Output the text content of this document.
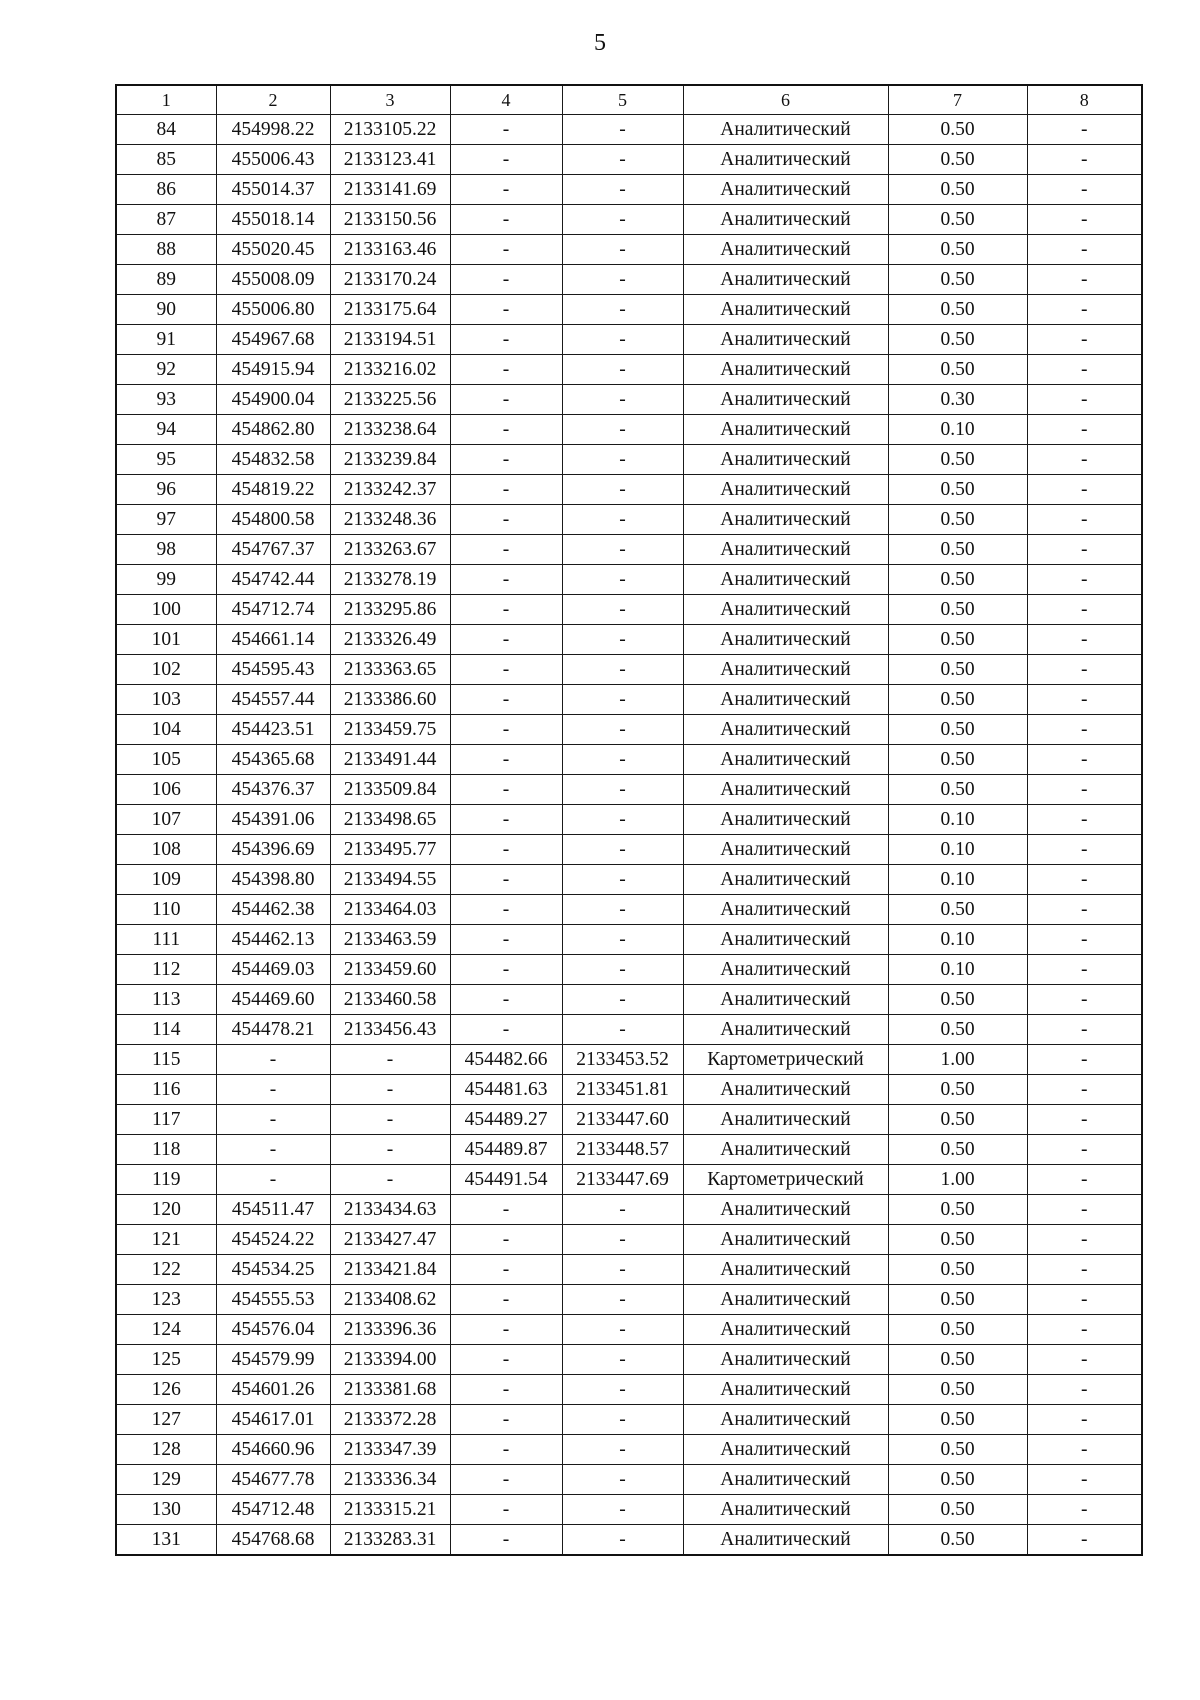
5
1	2	3	4	5	6	7	8
84	454998.22	2133105.22	-	-	Аналитический	0.50	-
85	455006.43	2133123.41	-	-	Аналитический	0.50	-
86	455014.37	2133141.69	-	-	Аналитический	0.50	-
87	455018.14	2133150.56	-	-	Аналитический	0.50	-
88	455020.45	2133163.46	-	-	Аналитический	0.50	-
89	455008.09	2133170.24	-	-	Аналитический	0.50	-
90	455006.80	2133175.64	-	-	Аналитический	0.50	-
91	454967.68	2133194.51	-	-	Аналитический	0.50	-
92	454915.94	2133216.02	-	-	Аналитический	0.50	-
93	454900.04	2133225.56	-	-	Аналитический	0.30	-
94	454862.80	2133238.64	-	-	Аналитический	0.10	-
95	454832.58	2133239.84	-	-	Аналитический	0.50	-
96	454819.22	2133242.37	-	-	Аналитический	0.50	-
97	454800.58	2133248.36	-	-	Аналитический	0.50	-
98	454767.37	2133263.67	-	-	Аналитический	0.50	-
99	454742.44	2133278.19	-	-	Аналитический	0.50	-
100	454712.74	2133295.86	-	-	Аналитический	0.50	-
101	454661.14	2133326.49	-	-	Аналитический	0.50	-
102	454595.43	2133363.65	-	-	Аналитический	0.50	-
103	454557.44	2133386.60	-	-	Аналитический	0.50	-
104	454423.51	2133459.75	-	-	Аналитический	0.50	-
105	454365.68	2133491.44	-	-	Аналитический	0.50	-
106	454376.37	2133509.84	-	-	Аналитический	0.50	-
107	454391.06	2133498.65	-	-	Аналитический	0.10	-
108	454396.69	2133495.77	-	-	Аналитический	0.10	-
109	454398.80	2133494.55	-	-	Аналитический	0.10	-
110	454462.38	2133464.03	-	-	Аналитический	0.50	-
111	454462.13	2133463.59	-	-	Аналитический	0.10	-
112	454469.03	2133459.60	-	-	Аналитический	0.10	-
113	454469.60	2133460.58	-	-	Аналитический	0.50	-
114	454478.21	2133456.43	-	-	Аналитический	0.50	-
115	-	-	454482.66	2133453.52	Картометрический	1.00	-
116	-	-	454481.63	2133451.81	Аналитический	0.50	-
117	-	-	454489.27	2133447.60	Аналитический	0.50	-
118	-	-	454489.87	2133448.57	Аналитический	0.50	-
119	-	-	454491.54	2133447.69	Картометрический	1.00	-
120	454511.47	2133434.63	-	-	Аналитический	0.50	-
121	454524.22	2133427.47	-	-	Аналитический	0.50	-
122	454534.25	2133421.84	-	-	Аналитический	0.50	-
123	454555.53	2133408.62	-	-	Аналитический	0.50	-
124	454576.04	2133396.36	-	-	Аналитический	0.50	-
125	454579.99	2133394.00	-	-	Аналитический	0.50	-
126	454601.26	2133381.68	-	-	Аналитический	0.50	-
127	454617.01	2133372.28	-	-	Аналитический	0.50	-
128	454660.96	2133347.39	-	-	Аналитический	0.50	-
129	454677.78	2133336.34	-	-	Аналитический	0.50	-
130	454712.48	2133315.21	-	-	Аналитический	0.50	-
131	454768.68	2133283.31	-	-	Аналитический	0.50	-
